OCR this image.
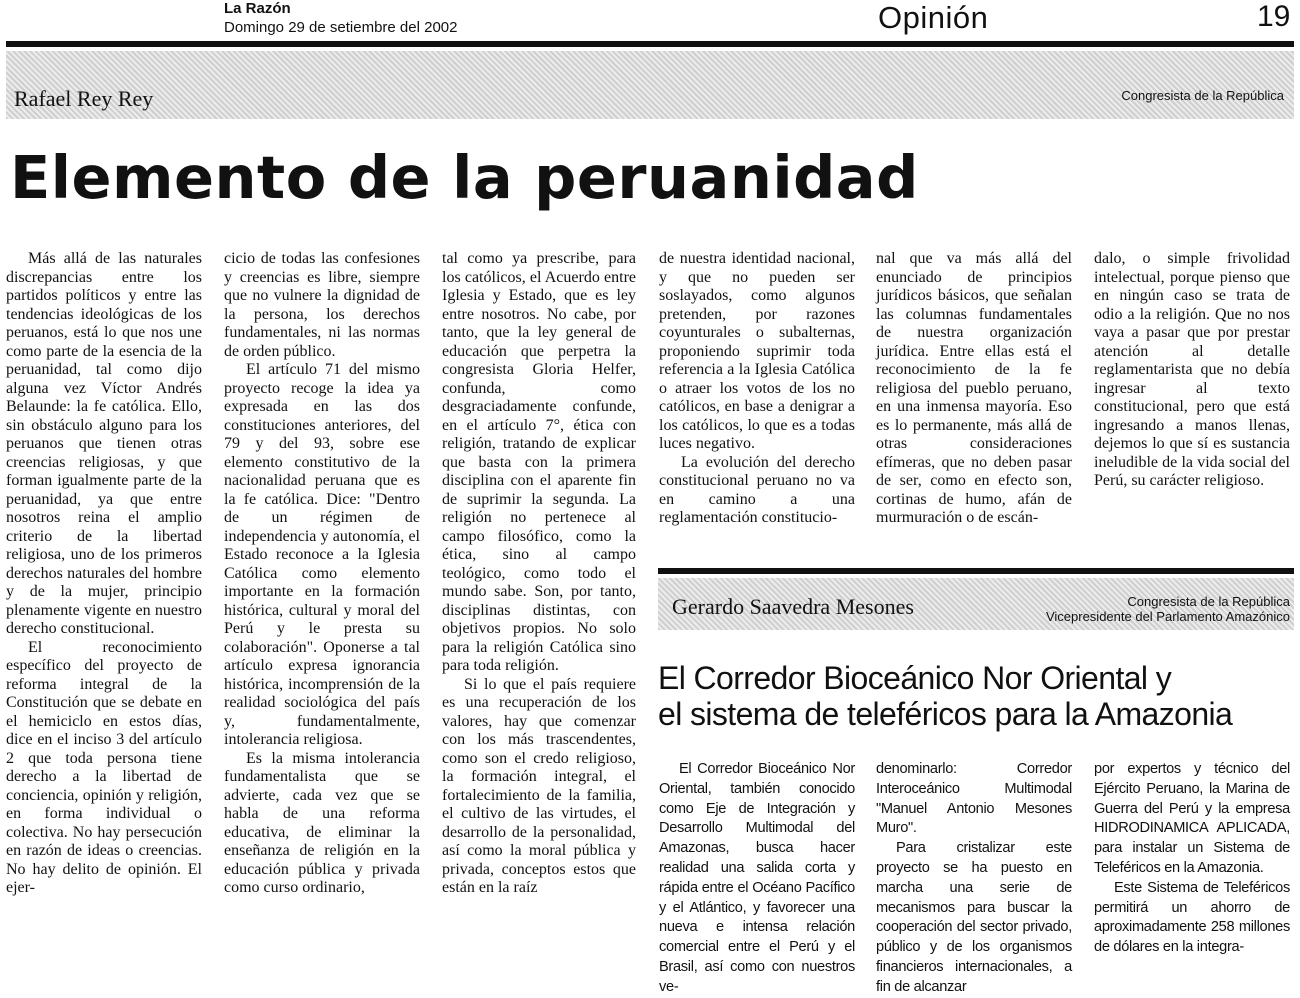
La Razón
Domingo 29 de setiembre del 2002	Opinión	19
Rafael Rey Rey	Congresista de la República
Elemento de la peruanidad

Más allá de las naturales discrepancias entre los partidos políticos y entre las tendencias ideológicas de los peruanos, está lo que nos une como parte de la esencia de la peruanidad, tal como dijo alguna vez Víctor Andrés Belaunde: la fe católica. Ello, sin obstáculo alguno para los peruanos que tienen otras creencias religiosas, y que forman igualmente parte de la peruanidad, ya que entre nosotros reina el amplio criterio de la libertad religiosa, uno de los primeros derechos naturales del hombre y de la mujer, principio plenamente vigente en nuestro derecho constitucional.

El reconocimiento específico del proyecto de reforma integral de la Constitución que se debate en el hemiciclo en estos días, dice en el inciso 3 del artículo 2 que toda persona tiene derecho a la libertad de conciencia, opinión y religión, en forma individual o colectiva. No hay persecución en razón de ideas o creencias. No hay delito de opinión. El ejer-

cicio de todas las confesiones y creencias es libre, siempre que no vulnere la dignidad de la persona, los derechos fundamentales, ni las normas de orden público.

El artículo 71 del mismo proyecto recoge la idea ya expresada en las dos constituciones anteriores, del 79 y del 93, sobre ese elemento constitutivo de la nacionalidad peruana que es la fe católica. Dice: "Dentro de un régimen de independencia y autonomía, el Estado reconoce a la Iglesia Católica como elemento importante en la formación histórica, cultural y moral del Perú y le presta su colaboración". Oponerse a tal artículo expresa ignorancia histórica, incomprensión de la realidad sociológica del país y, fundamentalmente, intolerancia religiosa.

Es la misma intolerancia fundamentalista que se advierte, cada vez que se habla de una reforma educativa, de eliminar la enseñanza de religión en la educación pública y privada como curso ordinario,

tal como ya prescribe, para los católicos, el Acuerdo entre Iglesia y Estado, que es ley entre nosotros. No cabe, por tanto, que la ley general de educación que perpetra la congresista Gloria Helfer, confunda, como desgraciadamente confunde, en el artículo 7°, ética con religión, tratando de explicar que basta con la primera disciplina con el aparente fin de suprimir la segunda. La religión no pertenece al campo filosófico, como la ética, sino al campo teológico, como todo el mundo sabe. Son, por tanto, disciplinas distintas, con objetivos propios. No solo para la religión Católica sino para toda religión.

Si lo que el país requiere es una recuperación de los valores, hay que comenzar con los más trascendentes, como son el credo religioso, la formación integral, el fortalecimiento de la familia, el cultivo de las virtudes, el desarrollo de la personalidad, así como la moral pública y privada, conceptos estos que están en la raíz

de nuestra identidad nacional, y que no pueden ser soslayados, como algunos pretenden, por razones coyunturales o subalternas, proponiendo suprimir toda referencia a la Iglesia Católica o atraer los votos de los no católicos, en base a denigrar a los católicos, lo que es a todas luces negativo.

La evolución del derecho constitucional peruano no va en camino a una reglamentación constitucio-

nal que va más allá del enunciado de principios jurídicos básicos, que señalan las columnas fundamentales de nuestra organización jurídica. Entre ellas está el reconocimiento de la fe religiosa del pueblo peruano, en una inmensa mayoría. Eso es lo permanente, más allá de otras consideraciones efímeras, que no deben pasar de ser, como en efecto son, cortinas de humo, afán de murmuración o de escán-

dalo, o simple frivolidad intelectual, porque pienso que en ningún caso se trata de odio a la religión. Que no nos vaya a pasar que por prestar atención al detalle reglamentarista que no debía ingresar al texto constitucional, pero que está ingresando a manos llenas, dejemos lo que sí es sustancia ineludible de la vida social del Perú, su carácter religioso.

Gerardo Saavedra Mesones	Congresista de la República
Vicepresidente del Parlamento Amazónico
El Corredor Bioceánico Nor Oriental y
el sistema de teleféricos para la Amazonia

El Corredor Bioceánico Nor Oriental, también conocido como Eje de Integración y Desarrollo Multimodal del Amazonas, busca hacer realidad una salida corta y rápida entre el Océano Pacífico y el Atlántico, y favorecer una nueva e intensa relación comercial entre el Perú y el Brasil, así como con nuestros ve-

denominarlo: Corredor Interoceánico Multimodal "Manuel Antonio Mesones Muro".

Para cristalizar este proyecto se ha puesto en marcha una serie de mecanismos para buscar la cooperación del sector privado, público y de los organismos financieros internacionales, a fin de alcanzar

por expertos y técnico del Ejército Peruano, la Marina de Guerra del Perú y la empresa HIDRODINAMICA APLICADA, para instalar un Sistema de Teleféricos en la Amazonia.

Este Sistema de Teleféricos permitirá un ahorro de aproximadamente 258 millones de dólares en la integra-
